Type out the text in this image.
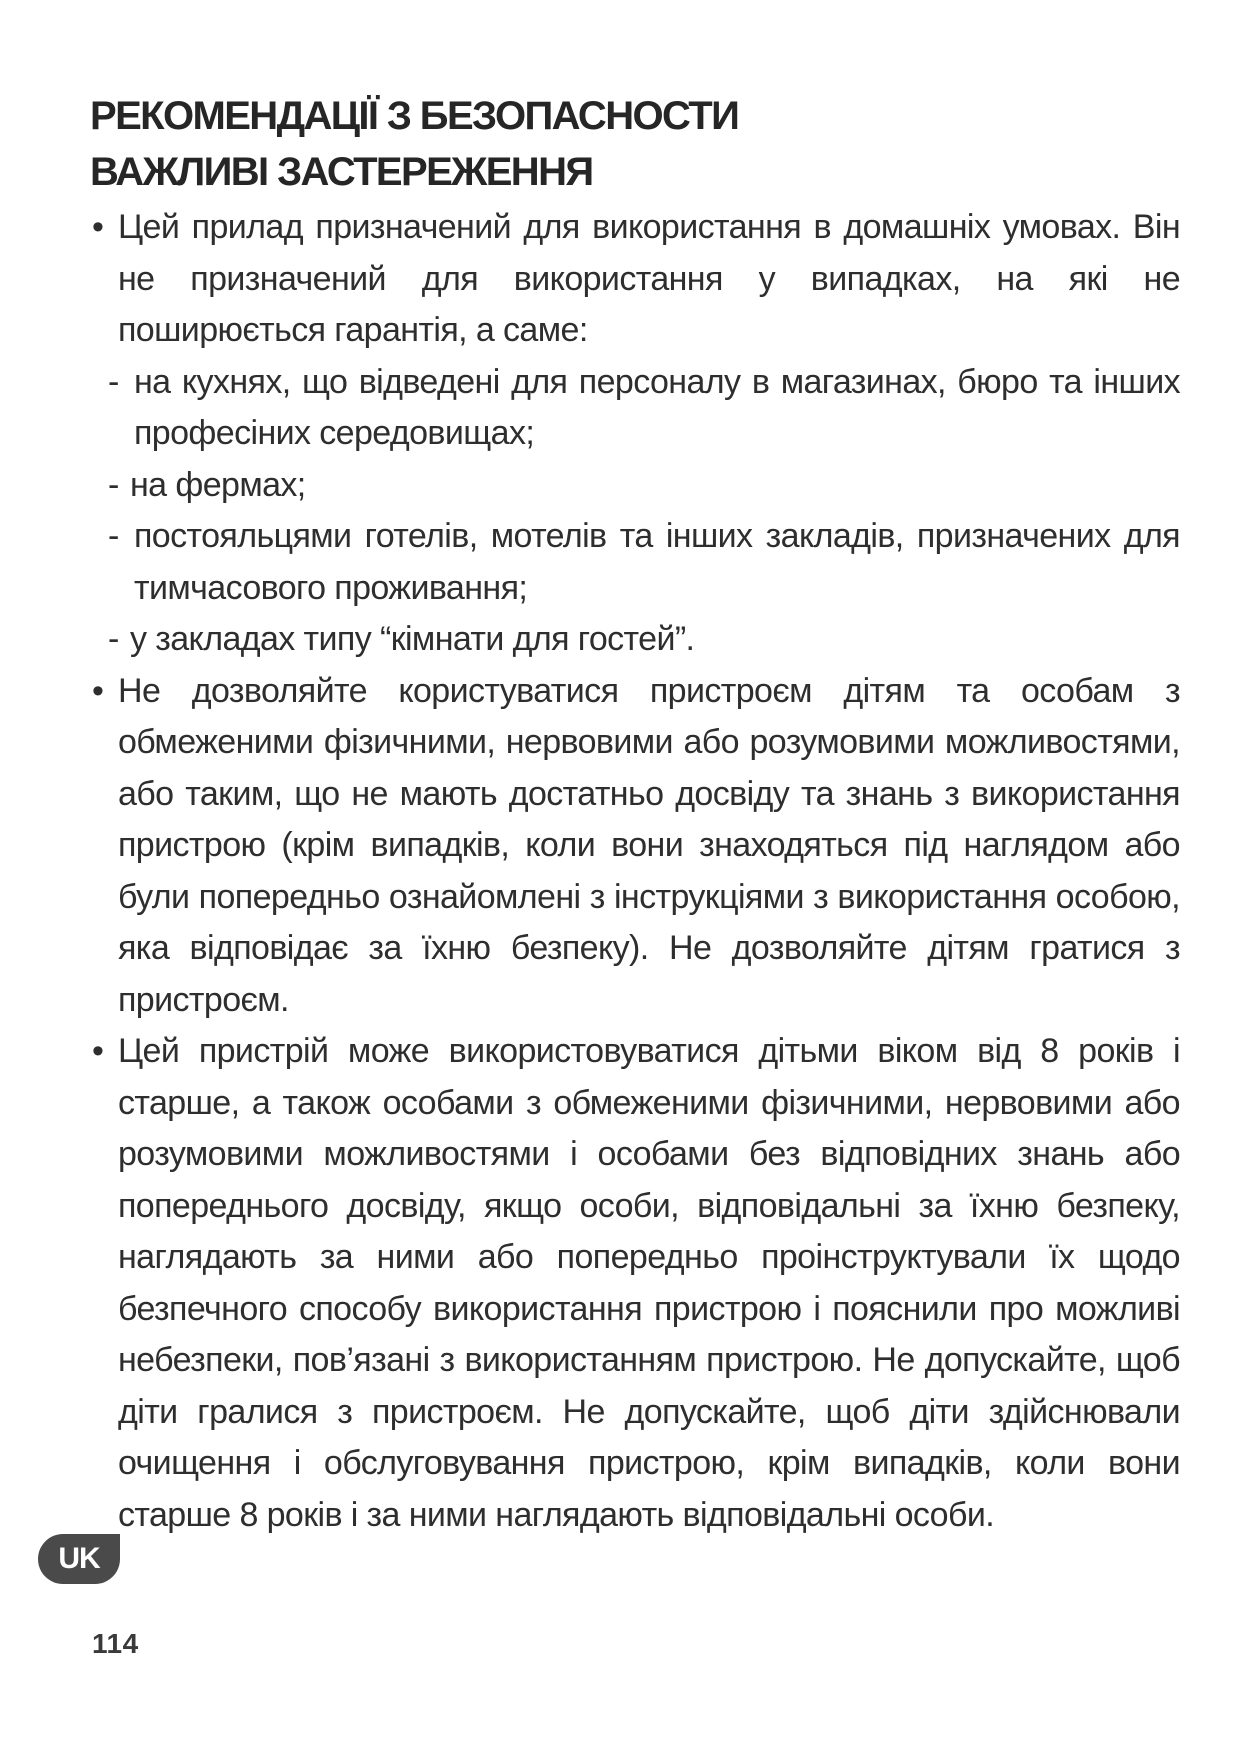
РЕКОМЕНДАЦІЇ З БЕЗОПАСНОСТИ
ВАЖЛИВІ ЗАСТЕРЕЖЕННЯ

• Цей прилад призначений для використання в домашніх умовах. Він не призначений для використання у випадках, на які не поширюється гарантія, а саме:

- на кухнях, що відведені для персоналу в магазинах, бюро та інших професіних середовищах;

- на фермах;

- постояльцями готелів, мотелів та інших закладів, призначених для тимчасового проживання;

- у закладах типу “кімнати для гостей”.

• Не дозволяйте користуватися пристроєм дітям та особам з обмеженими фізичними, нервовими або розумовими можливостями, або таким, що не мають достатньо досвіду та знань з використання пристрою (крім випадків, коли вони знаходяться під наглядом або були попередньо ознайомлені з інструкціями з використання особою, яка відповідає за їхню безпеку). Не дозволяйте дітям гратися з пристроєм.

• Цей пристрій може використовуватися дітьми віком від 8 років і старше, а також особами з обмеженими фізичними, нервовими або розумовими можливостями і особами без відповідних знань або попереднього досвіду, якщо особи, відповідальні за їхню безпеку, наглядають за ними або попередньо проінструктували їх щодо безпечного способу використання пристрою і пояснили про можливі небезпеки, пов’язані з використанням пристрою. Не допускайте, щоб діти гралися з пристроєм. Не допускайте, щоб діти здійснювали очищення і обслуговування пристрою, крім випадків, коли вони старше 8 років і за ними наглядають відповідальні особи.

UK
114
